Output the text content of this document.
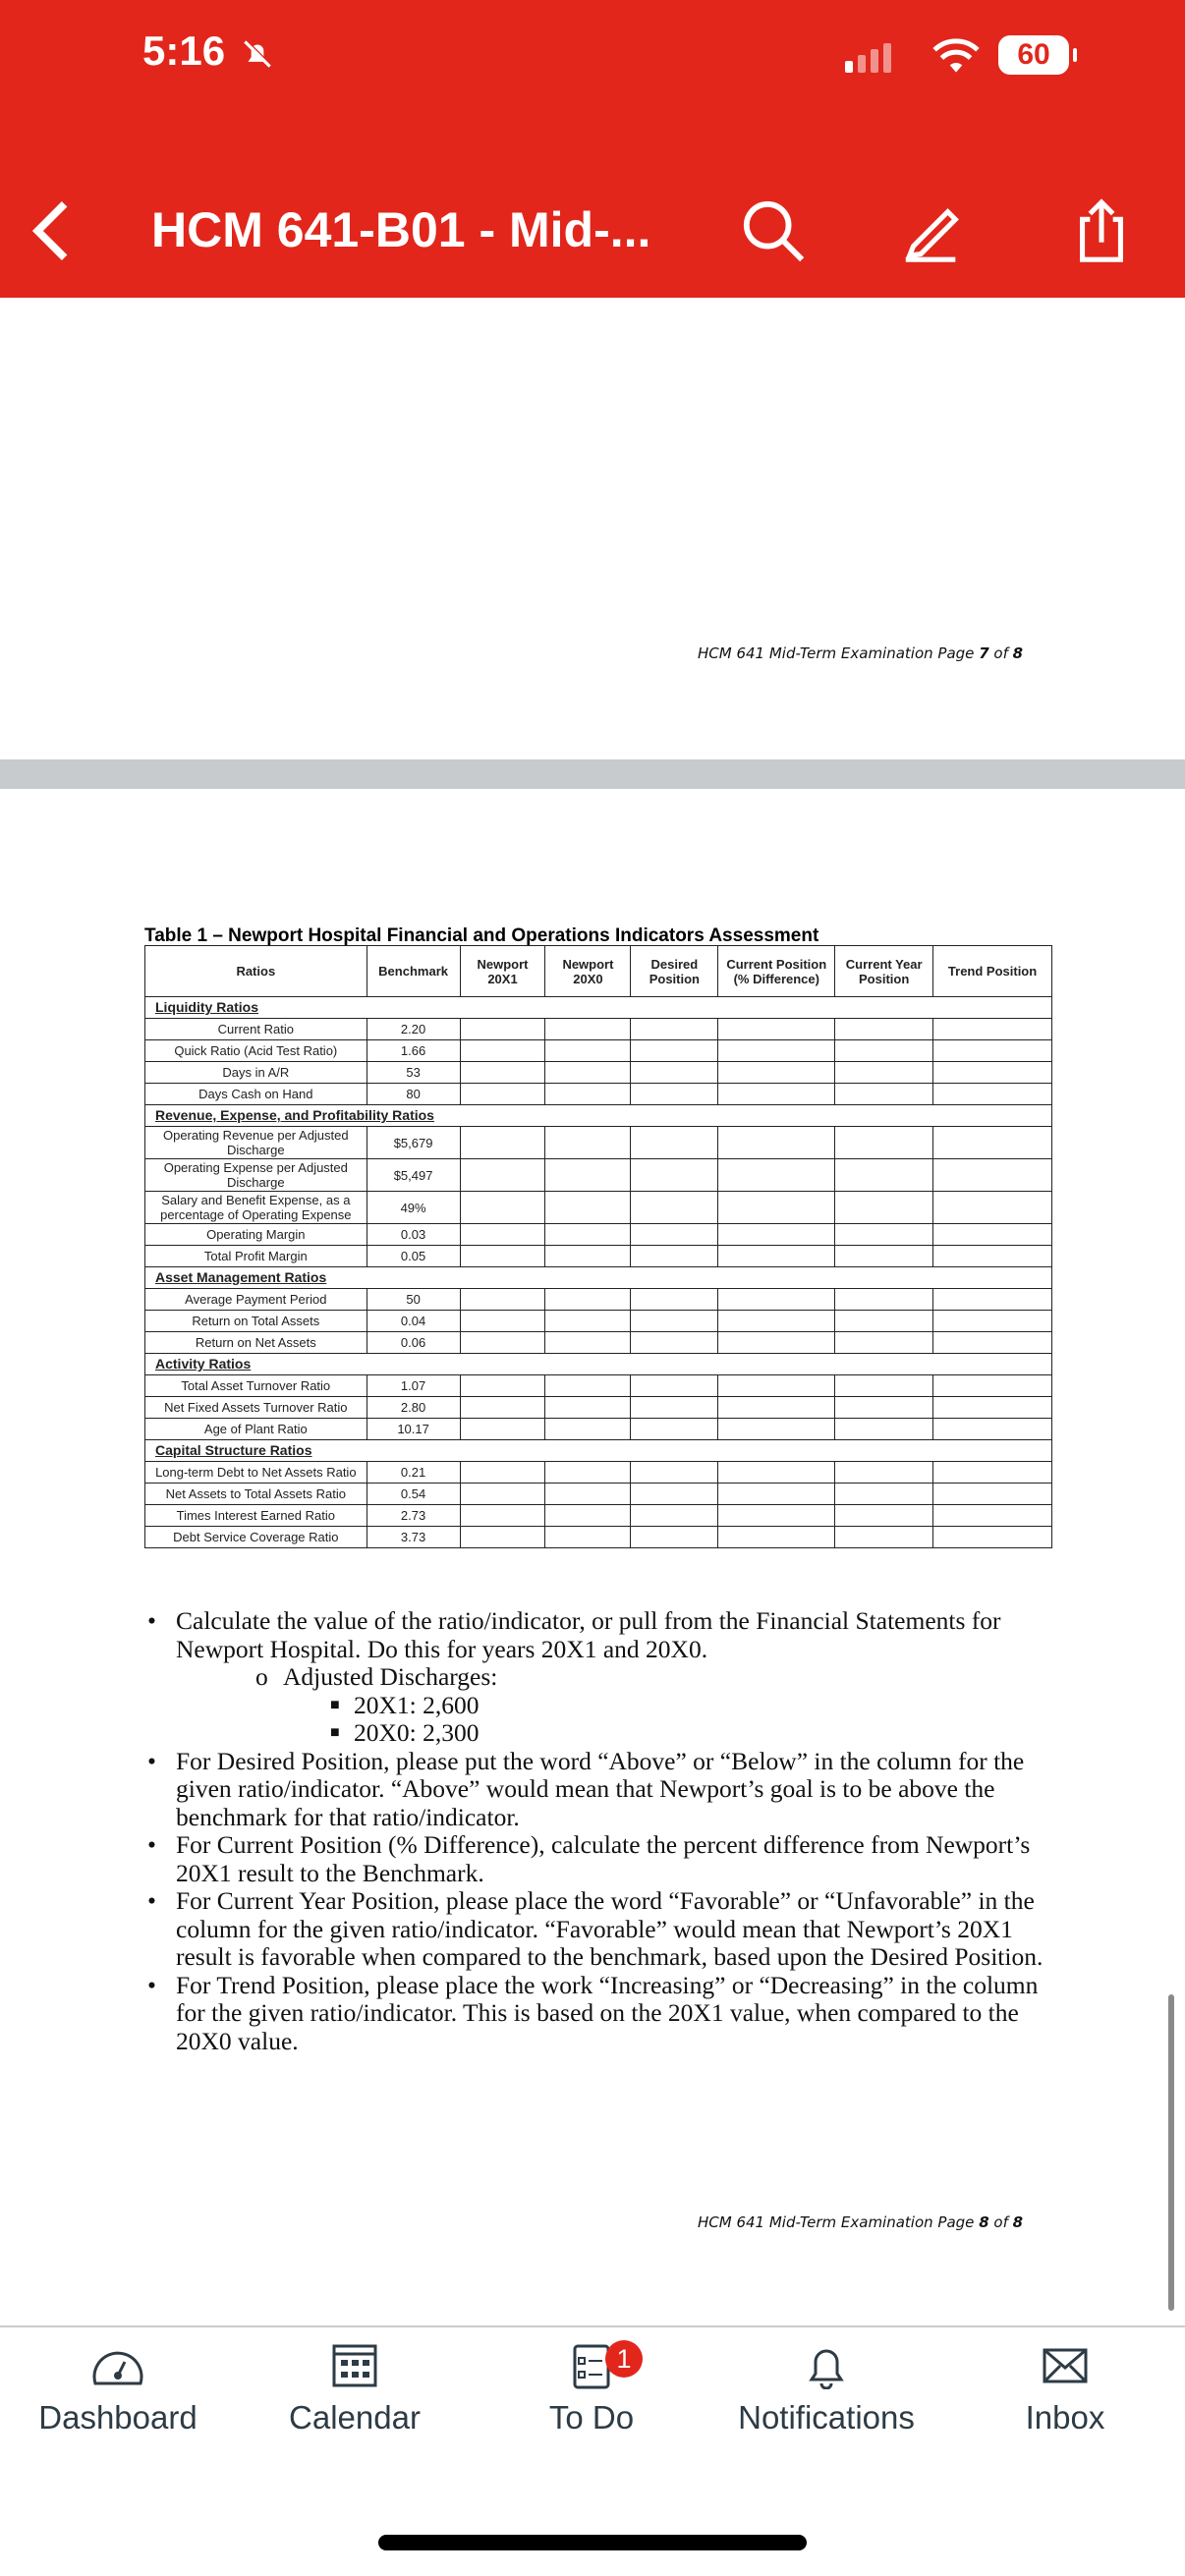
5:16	60
HCM 641-B01 - Mid-...
HCM 641 Mid-Term Examination Page 7 of 8
Table 1 – Newport Hospital Financial and Operations Indicators Assessment
Ratios	Benchmark	Newport 20X1	Newport 20X0	Desired Position	Current Position (% Difference)	Current Year Position	Trend Position
Liquidity Ratios							
Current Ratio	2.20						
Quick Ratio (Acid Test Ratio)	1.66						
Days in A/R	53						
Days Cash on Hand	80						
Revenue, Expense, and Profitability Ratios							
Operating Revenue per Adjusted Discharge	$5,679						
Operating Expense per Adjusted Discharge	$5,497						
Salary and Benefit Expense, as a percentage of Operating Expense	49%						
Operating Margin	0.03						
Total Profit Margin	0.05						
Asset Management Ratios							
Average Payment Period	50						
Return on Total Assets	0.04						
Return on Net Assets	0.06						
Activity Ratios							
Total Asset Turnover Ratio	1.07						
Net Fixed Assets Turnover Ratio	2.80						
Age of Plant Ratio	10.17						
Capital Structure Ratios							
Long-term Debt to Net Assets Ratio	0.21						
Net Assets to Total Assets Ratio	0.54						
Times Interest Earned Ratio	2.73						
Debt Service Coverage Ratio	3.73						
• Calculate the value of the ratio/indicator, or pull from the Financial Statements for Newport Hospital. Do this for years 20X1 and 20X0.
o Adjusted Discharges:
■ 20X1: 2,600
■ 20X0: 2,300
• For Desired Position, please put the word “Above” or “Below” in the column for the given ratio/indicator. “Above” would mean that Newport’s goal is to be above the benchmark for that ratio/indicator.
• For Current Position (% Difference), calculate the percent difference from Newport’s 20X1 result to the Benchmark.
• For Current Year Position, please place the word “Favorable” or “Unfavorable” in the column for the given ratio/indicator. “Favorable” would mean that Newport’s 20X1 result is favorable when compared to the benchmark, based upon the Desired Position.
• For Trend Position, please place the work “Increasing” or “Decreasing” in the column for the given ratio/indicator. This is based on the 20X1 value, when compared to the 20X0 value.
HCM 641 Mid-Term Examination Page 8 of 8
Dashboard	Calendar
1
To Do	Notifications	Inbox
